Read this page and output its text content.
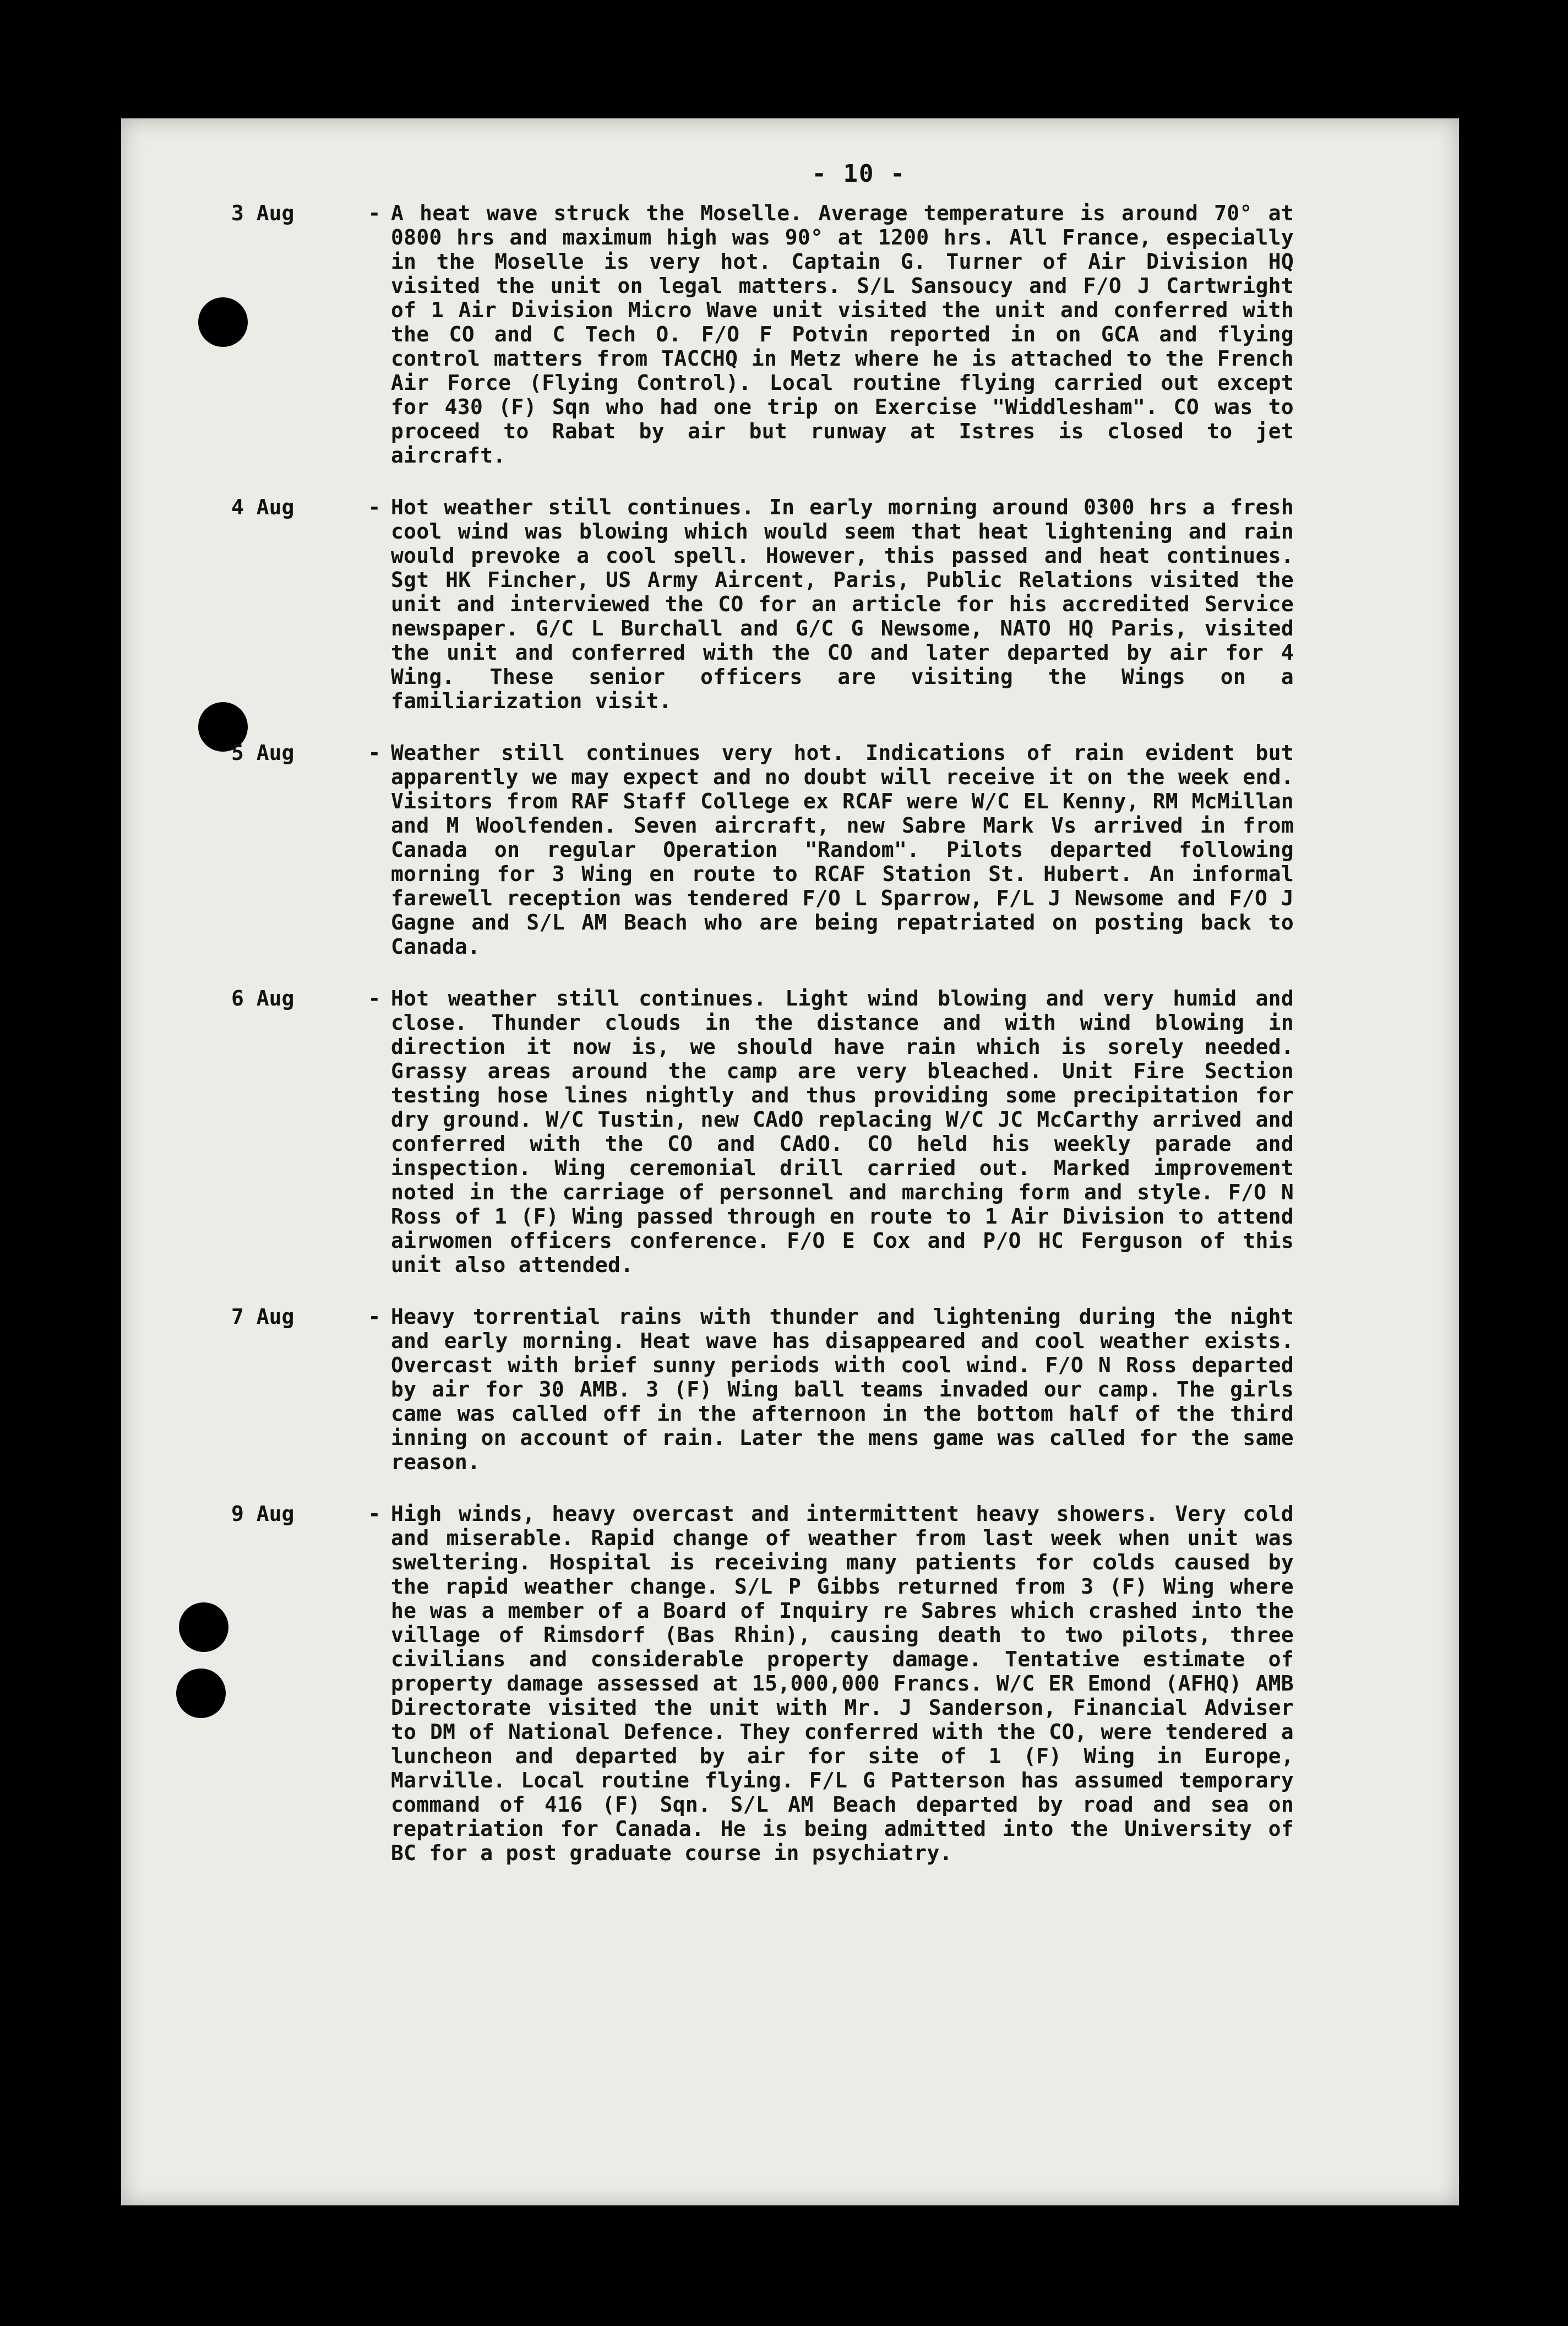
- 10 -
3 Aug	- A heat wave struck the Moselle. Average temperature is around 70° at 0800 hrs and maximum high was 90° at 1200 hrs. All France, especially in the Moselle is very hot. Captain G. Turner of Air Division HQ visited the unit on legal matters. S/L Sansoucy and F/O J Cartwright of 1 Air Division Micro Wave unit visited the unit and conferred with the CO and C Tech O. F/O F Potvin reported in on GCA and flying control matters from TACCHQ in Metz where he is attached to the French Air Force (Flying Control). Local routine flying carried out except for 430 (F) Sqn who had one trip on Exercise "Widdlesham". CO was to proceed to Rabat by air but runway at Istres is closed to jet aircraft.
4 Aug	- Hot weather still continues. In early morning around 0300 hrs a fresh cool wind was blowing which would seem that heat lightening and rain would prevoke a cool spell. However, this passed and heat continues. Sgt HK Fincher, US Army Aircent, Paris, Public Relations visited the unit and interviewed the CO for an article for his accredited Service newspaper. G/C L Burchall and G/C G Newsome, NATO HQ Paris, visited the unit and conferred with the CO and later departed by air for 4 Wing. These senior officers are visiting the Wings on a familiarization visit.
5 Aug	- Weather still continues very hot. Indications of rain evident but apparently we may expect and no doubt will receive it on the week end. Visitors from RAF Staff College ex RCAF were W/C EL Kenny, RM McMillan and M Woolfenden. Seven aircraft, new Sabre Mark Vs arrived in from Canada on regular Operation "Random". Pilots departed following morning for 3 Wing en route to RCAF Station St. Hubert. An informal farewell reception was tendered F/O L Sparrow, F/L J Newsome and F/O J Gagne and S/L AM Beach who are being repatriated on posting back to Canada.
6 Aug	- Hot weather still continues. Light wind blowing and very humid and close. Thunder clouds in the distance and with wind blowing in direction it now is, we should have rain which is sorely needed. Grassy areas around the camp are very bleached. Unit Fire Section testing hose lines nightly and thus providing some precipitation for dry ground. W/C Tustin, new CAdO replacing W/C JC McCarthy arrived and conferred with the CO and CAdO. CO held his weekly parade and inspection. Wing ceremonial drill carried out. Marked improvement noted in the carriage of personnel and marching form and style. F/O N Ross of 1 (F) Wing passed through en route to 1 Air Division to attend airwomen officers conference. F/O E Cox and P/O HC Ferguson of this unit also attended.
7 Aug	- Heavy torrential rains with thunder and lightening during the night and early morning. Heat wave has disappeared and cool weather exists. Overcast with brief sunny periods with cool wind. F/O N Ross departed by air for 30 AMB. 3 (F) Wing ball teams invaded our camp. The girls came was called off in the afternoon in the bottom half of the third inning on account of rain. Later the mens game was called for the same reason.
9 Aug	- High winds, heavy overcast and intermittent heavy showers. Very cold and miserable. Rapid change of weather from last week when unit was sweltering. Hospital is receiving many patients for colds caused by the rapid weather change. S/L P Gibbs returned from 3 (F) Wing where he was a member of a Board of Inquiry re Sabres which crashed into the village of Rimsdorf (Bas Rhin), causing death to two pilots, three civilians and considerable property damage. Tentative estimate of property damage assessed at 15,000,000 Francs. W/C ER Emond (AFHQ) AMB Directorate visited the unit with Mr. J Sanderson, Financial Adviser to DM of National Defence. They conferred with the CO, were tendered a luncheon and departed by air for site of 1 (F) Wing in Europe, Marville. Local routine flying. F/L G Patterson has assumed temporary command of 416 (F) Sqn. S/L AM Beach departed by road and sea on repatriation for Canada. He is being admitted into the University of BC for a post graduate course in psychiatry.
